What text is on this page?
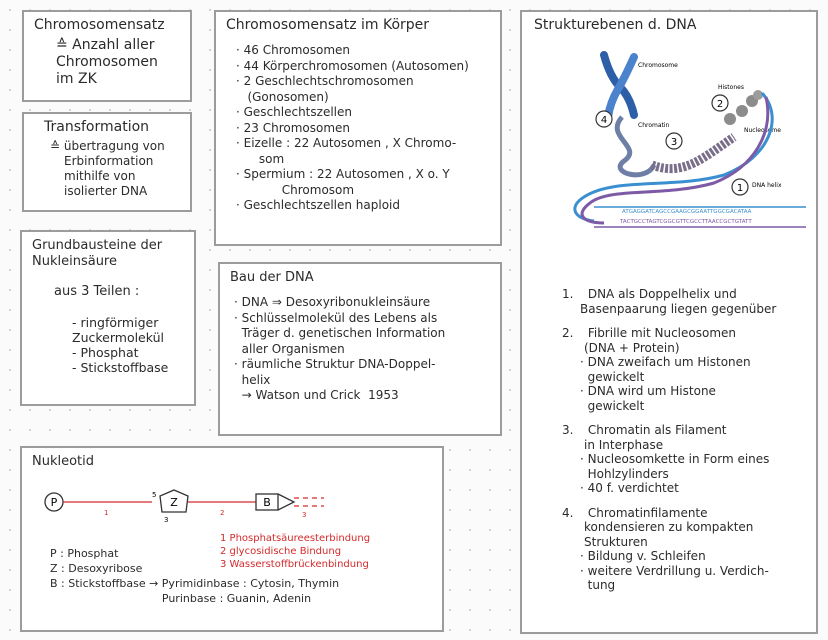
Chromosomensatz
≙ Anzahl aller
Chromosomen
im ZK
Transformation
≙ übertragung von
Erbinformation
mithilfe von
isolierter DNA
Grundbausteine der Nukleinsäure
aus 3 Teilen :
- ringförmiger Zuckermolekül
- Phosphat
- Stickstoffbase
Chromosomensatz im Körper
· 46 Chromosomen
· 44 Körperchromosomen (Autosomen)
· 2 Geschlechtschromosomen
(Gonosomen)
· Geschlechtszellen
· 23 Chromosomen
· Eizelle : 22 Autosomen , X Chromo-
som
· Spermium : 22 Autosomen , X o. Y
Chromosom
· Geschlechtszellen haploid
Bau der DNA
· DNA ⇒ Desoxyribonukleinsäure
· Schlüsselmolekül des Lebens als
Träger d. genetischen Information
aller Organismen
· räumliche Struktur DNA-Doppel-
helix
→ Watson und Crick  1953
Nukleotid
P
1
Z
5
3
2
B
3
1 Phosphatsäureesterbindung
2 glycosidische Bindung
3 Wasserstoffbrückenbindung
P : Phosphat
Z : Desoxyribose
B : Stickstoffbase → Pyrimidinbase : Cytosin, Thymin
Purinbase : Guanin, Adenin
Strukturebenen d. DNA
Chromosome
Chromatin
Histones
Nucleosome
DNA helix
ATGAGGATCAGCCGAAGCGGAATTGGCGACATAA
TACTGCCTAGTCGGCGTTCGCCTTAACCGCTGTATT
4
3
2
1
1. DNA als Doppelhelix und
Basenpaarung liegen gegenüber
2. Fibrille mit Nucleosomen
(DNA + Protein)
· DNA zweifach um Histonen
gewickelt
· DNA wird um Histone
gewickelt
3. Chromatin als Filament
in Interphase
· Nucleosomkette in Form eines
Hohlzylinders
· 40 f. verdichtet
4. Chromatinfilamente
kondensieren zu kompakten
Strukturen
· Bildung v. Schleifen
· weitere Verdrillung u. Verdich-
tung
